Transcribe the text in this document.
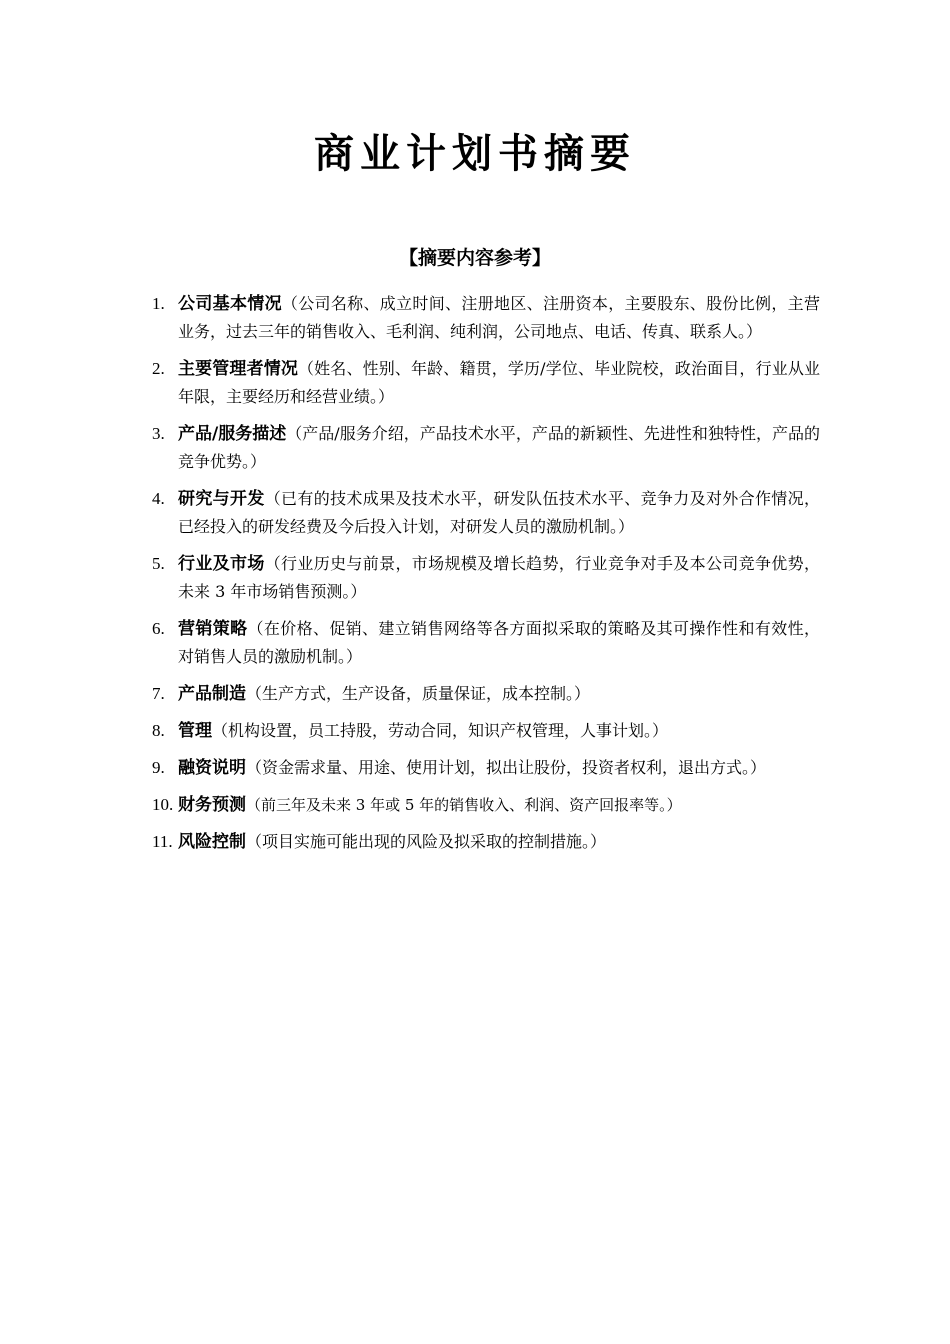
商业计划书摘要
【摘要内容参考】
1. 公司基本情况（公司名称、成立时间、注册地区、注册资本，主要股东、股份比例，主营业务，过去三年的销售收入、毛利润、纯利润，公司地点、电话、传真、联系人。）
2. 主要管理者情况（姓名、性别、年龄、籍贯，学历/学位、毕业院校，政治面目，行业从业年限，主要经历和经营业绩。）
3. 产品/服务描述（产品/服务介绍，产品技术水平，产品的新颖性、先进性和独特性，产品的竞争优势。）
4. 研究与开发（已有的技术成果及技术水平，研发队伍技术水平、竞争力及对外合作情况，已经投入的研发经费及今后投入计划，对研发人员的激励机制。）
5. 行业及市场（行业历史与前景，市场规模及增长趋势，行业竞争对手及本公司竞争优势，未来 3 年市场销售预测。）
6. 营销策略（在价格、促销、建立销售网络等各方面拟采取的策略及其可操作性和有效性，对销售人员的激励机制。）
7. 产品制造（生产方式，生产设备，质量保证，成本控制。）
8. 管理（机构设置，员工持股，劳动合同，知识产权管理，人事计划。）
9. 融资说明（资金需求量、用途、使用计划，拟出让股份，投资者权利，退出方式。）
10. 财务预测（前三年及未来 3 年或 5 年的销售收入、利润、资产回报率等。）
11. 风险控制（项目实施可能出现的风险及拟采取的控制措施。）
